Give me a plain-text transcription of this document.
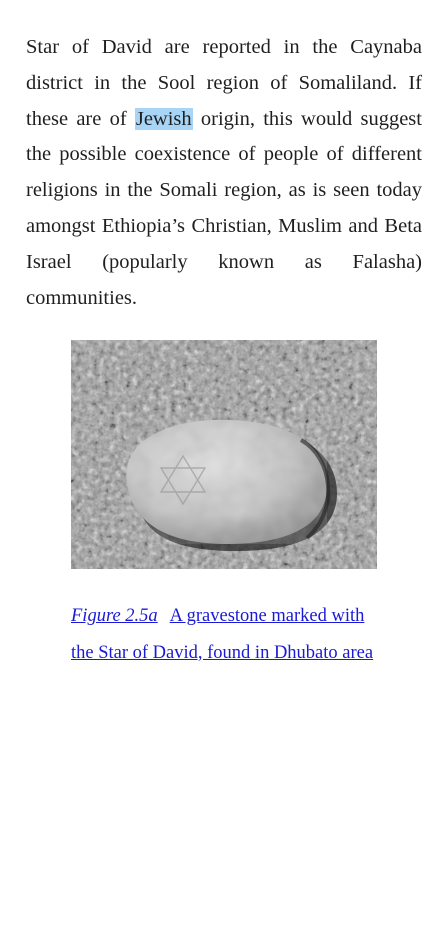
Star of David are reported in the Caynaba district in the Sool region of Somaliland. If these are of Jewish origin, this would suggest the possible coexistence of people of different religions in the Somali region, as is seen today amongst Ethiopia’s Christian, Muslim and Beta Israel (popularly known as Falasha) communities.

Figure 2.5a A gravestone marked with the Star of David, found in Dhubato area
